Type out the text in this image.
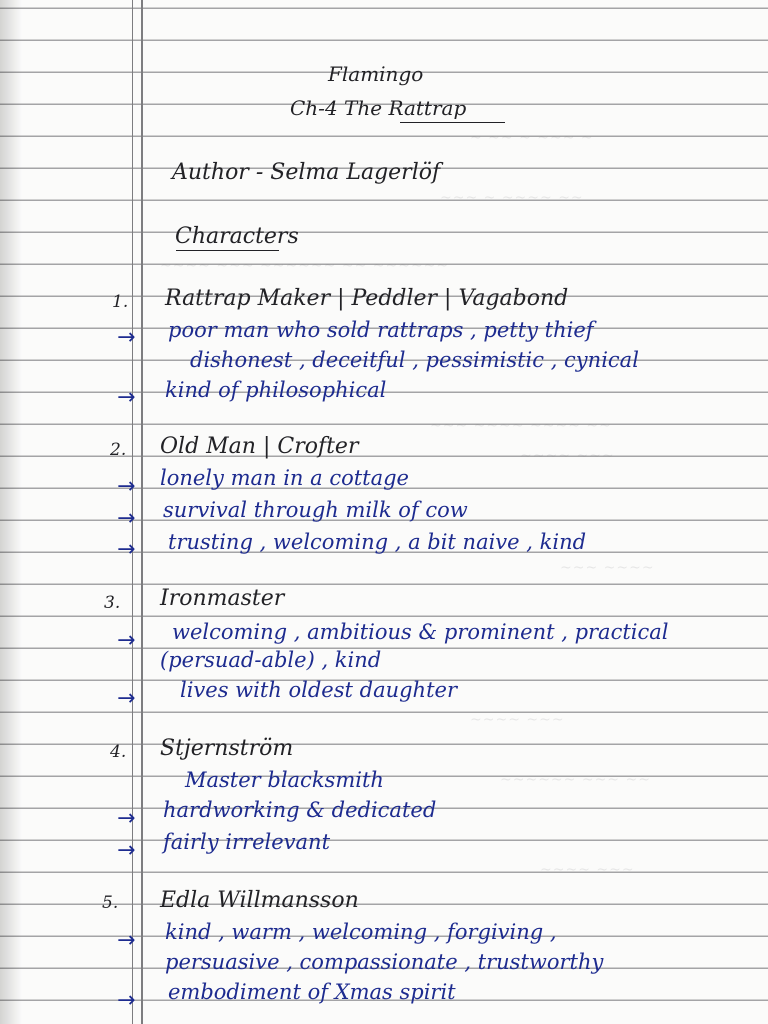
~ ~~ ~ ~~~ ~
~~~ ~ ~~~~ ~~
~~~~ ~~~ ~~~~~~ ~~ ~~~~~~
~~~ ~~~~ ~~~~ ~~
~~~~ ~~~
~~~ ~~~~
~~~~ ~~~
~~~~~~ ~~~ ~~
~~~~ ~~~
Flamingo
Ch-4 The Rattrap
Author - Selma Lagerlöf
Characters
1. Rattrap Maker | Peddler | Vagabond
→ poor man who sold rattraps , petty thief
dishonest , deceitful , pessimistic , cynical
→ kind of philosophical
2. Old Man | Crofter
→ lonely man in a cottage
→ survival through milk of cow
→ trusting , welcoming , a bit naive , kind
3. Ironmaster
→ welcoming , ambitious & prominent , practical
(persuad-able) , kind
→ lives with oldest daughter
4. Stjernström
Master blacksmith
→ hardworking & dedicated
→ fairly irrelevant
5. Edla Willmansson
→ kind , warm , welcoming , forgiving ,
persuasive , compassionate , trustworthy
→ embodiment of Xmas spirit
